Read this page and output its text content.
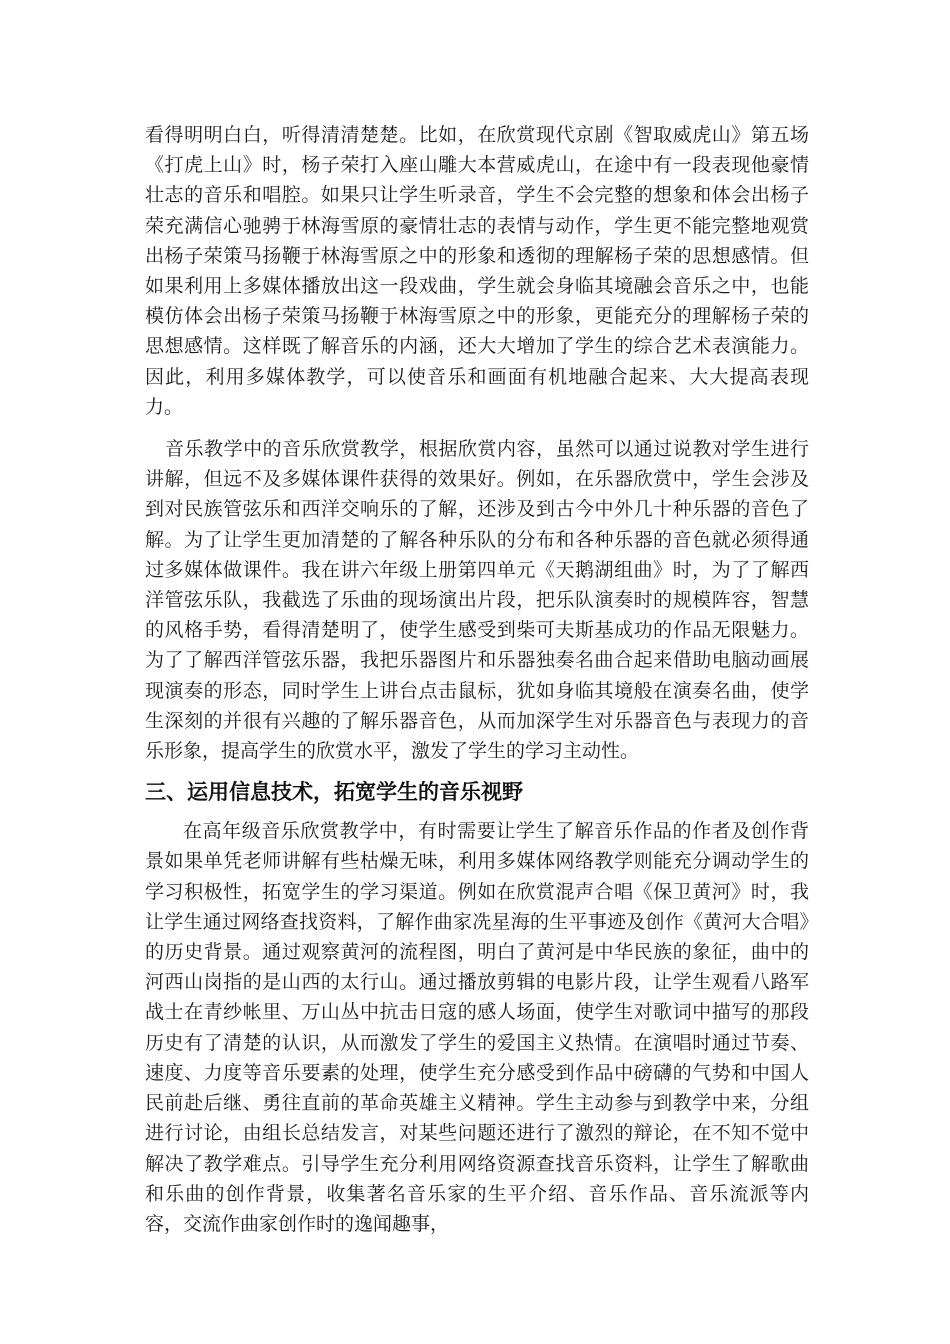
看得明明白白，听得清清楚楚。比如，在欣赏现代京剧《智取威虎山》第五场《打虎上山》时，杨子荣打入座山雕大本营威虎山，在途中有一段表现他豪情壮志的音乐和唱腔。如果只让学生听录音，学生不会完整的想象和体会出杨子荣充满信心驰骋于林海雪原的豪情壮志的表情与动作，学生更不能完整地观赏出杨子荣策马扬鞭于林海雪原之中的形象和透彻的理解杨子荣的思想感情。但如果利用上多媒体播放出这一段戏曲，学生就会身临其境融会音乐之中，也能模仿体会出杨子荣策马扬鞭于林海雪原之中的形象，更能充分的理解杨子荣的思想感情。这样既了解音乐的内涵，还大大增加了学生的综合艺术表演能力。因此，利用多媒体教学，可以使音乐和画面有机地融合起来、大大提高表现力。

音乐教学中的音乐欣赏教学，根据欣赏内容，虽然可以通过说教对学生进行讲解，但远不及多媒体课件获得的效果好。例如，在乐器欣赏中，学生会涉及到对民族管弦乐和西洋交响乐的了解，还涉及到古今中外几十种乐器的音色了解。为了让学生更加清楚的了解各种乐队的分布和各种乐器的音色就必须得通过多媒体做课件。我在讲六年级上册第四单元《天鹅湖组曲》时，为了了解西洋管弦乐队，我截选了乐曲的现场演出片段，把乐队演奏时的规模阵容，智慧的风格手势，看得清楚明了，使学生感受到柴可夫斯基成功的作品无限魅力。为了了解西洋管弦乐器，我把乐器图片和乐器独奏名曲合起来借助电脑动画展现演奏的形态，同时学生上讲台点击鼠标，犹如身临其境般在演奏名曲，使学生深刻的并很有兴趣的了解乐器音色，从而加深学生对乐器音色与表现力的音乐形象，提高学生的欣赏水平，激发了学生的学习主动性。

三、运用信息技术，拓宽学生的音乐视野

在高年级音乐欣赏教学中，有时需要让学生了解音乐作品的作者及创作背景如果单凭老师讲解有些枯燥无味，利用多媒体网络教学则能充分调动学生的学习积极性，拓宽学生的学习渠道。例如在欣赏混声合唱《保卫黄河》时，我让学生通过网络查找资料，了解作曲家冼星海的生平事迹及创作《黄河大合唱》的历史背景。通过观察黄河的流程图，明白了黄河是中华民族的象征，曲中的河西山岗指的是山西的太行山。通过播放剪辑的电影片段，让学生观看八路军战士在青纱帐里、万山丛中抗击日寇的感人场面，使学生对歌词中描写的那段历史有了清楚的认识，从而激发了学生的爱国主义热情。在演唱时通过节奏、速度、力度等音乐要素的处理，使学生充分感受到作品中磅礴的气势和中国人民前赴后继、勇往直前的革命英雄主义精神。学生主动参与到教学中来，分组进行讨论，由组长总结发言，对某些问题还进行了激烈的辩论，在不知不觉中解决了教学难点。引导学生充分利用网络资源查找音乐资料，让学生了解歌曲和乐曲的创作背景，收集著名音乐家的生平介绍、音乐作品、音乐流派等内容，交流作曲家创作时的逸闻趣事，
